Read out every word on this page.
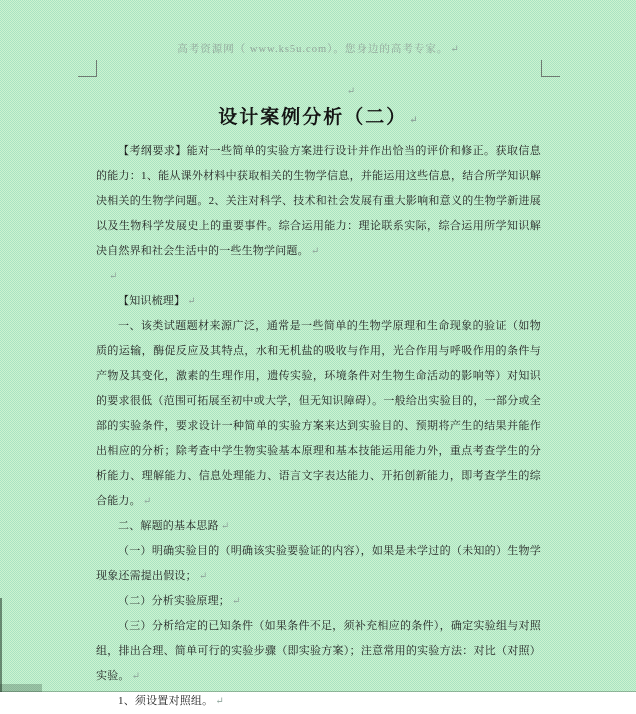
高考资源网（ www.ks5u.com）。您身边的高考专家。 ↵
↵
设计案例分析（二） ↵

【考纲要求】能对一些简单的实验方案进行设计并作出恰当的评价和修正。获取信息的能力：1、能从课外材料中获取相关的生物学信息，并能运用这些信息，结合所学知识解决相关的生物学问题。2、关注对科学、技术和社会发展有重大影响和意义的生物学新进展以及生物科学发展史上的重要事件。综合运用能力：理论联系实际，综合运用所学知识解决自然界和社会生活中的一些生物学问题。 ↵

↵

【知识梳理】 ↵

一、该类试题题材来源广泛，通常是一些简单的生物学原理和生命现象的验证（如物质的运输，酶促反应及其特点，水和无机盐的吸收与作用，光合作用与呼吸作用的条件与产物及其变化，激素的生理作用，遗传实验，环境条件对生物生命活动的影响等）对知识的要求很低（范围可拓展至初中或大学，但无知识障碍）。一般给出实验目的，一部分或全部的实验条件，要求设计一种简单的实验方案来达到实验目的、预期将产生的结果并能作出相应的分析；除考查中学生物实验基本原理和基本技能运用能力外，重点考查学生的分析能力、理解能力、信息处理能力、语言文字表达能力、开拓创新能力，即考查学生的综合能力。 ↵

二、解题的基本思路 ↵

（一）明确实验目的（明确该实验要验证的内容），如果是未学过的（未知的）生物学现象还需提出假设； ↵

（二）分析实验原理； ↵

（三）分析给定的已知条件（如果条件不足，须补充相应的条件），确定实验组与对照组，排出合理、简单可行的实验步骤（即实验方案）；注意常用的实验方法：对比（对照）实验。 ↵

1、须设置对照组。 ↵
